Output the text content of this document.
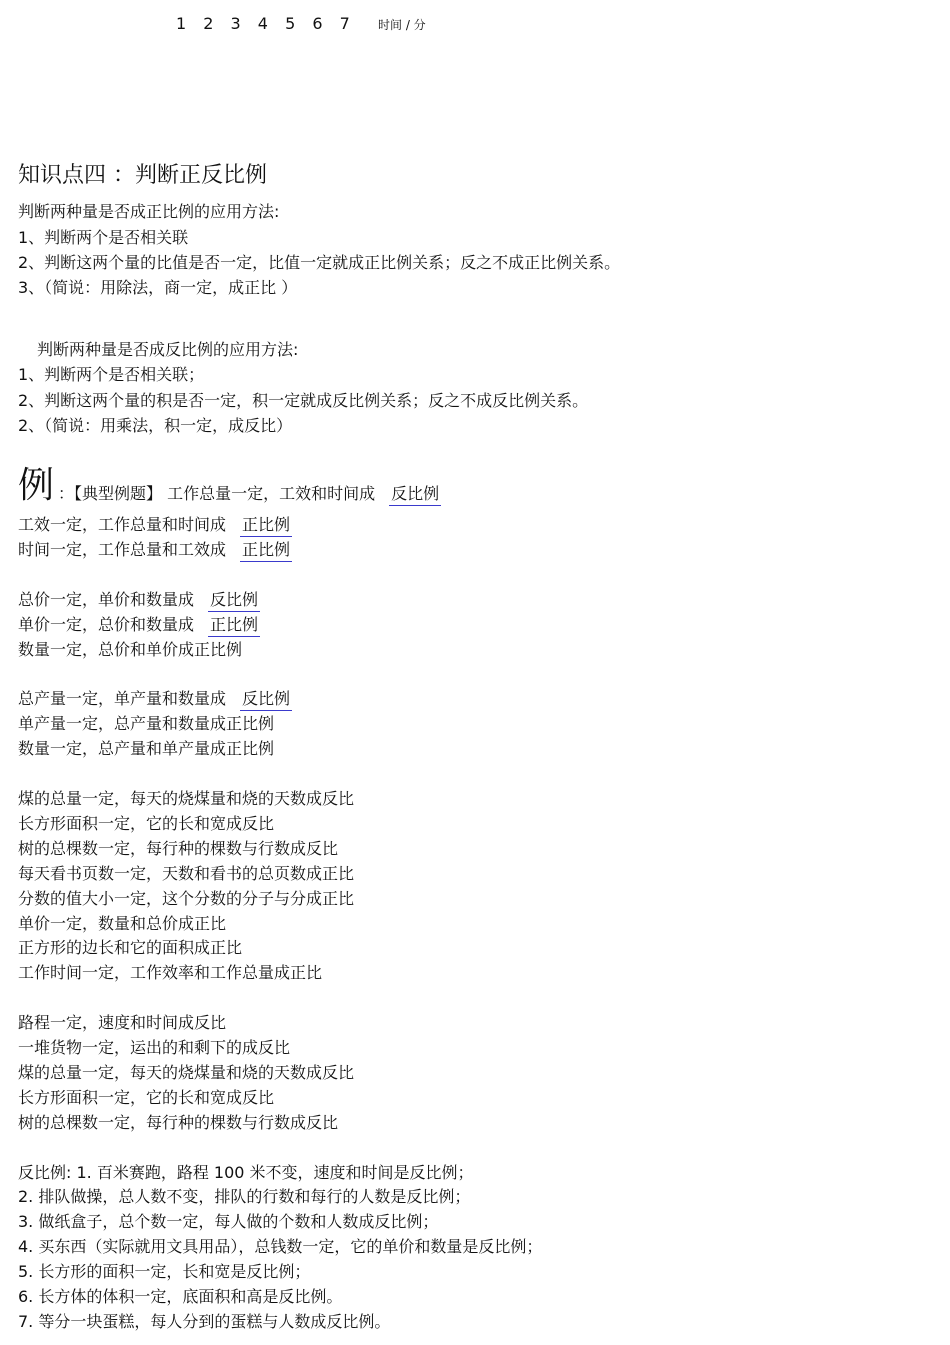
1 2 3 4 5 6 7 时间 / 分
知识点四 ：判断正反比例
判断两种量是否成正比例的应用方法:
1、判断两个是否相关联
2、判断这两个量的比值是否一定，比值一定就成正比例关系；反之不成正比例关系。
3、（简说：用除法，商一定，成正比 ）
判断两种量是否成反比例的应用方法:
1、判断两个是否相关联；
2、判断这两个量的积是否一定，积一定就成反比例关系；反之不成反比例关系。
2、（简说：用乘法，积一定，成反比）
例 ：【典型例题】 工作总量一定，工效和时间成 反比例
工效一定，工作总量和时间成 正比例
时间一定，工作总量和工效成 正比例
总价一定，单价和数量成 反比例
单价一定，总价和数量成 正比例
数量一定，总价和单价成正比例
总产量一定，单产量和数量成 反比例
单产量一定，总产量和数量成正比例
数量一定，总产量和单产量成正比例
煤的总量一定，每天的烧煤量和烧的天数成反比
长方形面积一定，它的长和宽成反比
树的总棵数一定，每行种的棵数与行数成反比
每天看书页数一定，天数和看书的总页数成正比
分数的值大小一定，这个分数的分子与分成正比
单价一定，数量和总价成正比
正方形的边长和它的面积成正比
工作时间一定，工作效率和工作总量成正比
路程一定，速度和时间成反比
一堆货物一定，运出的和剩下的成反比
煤的总量一定，每天的烧煤量和烧的天数成反比
长方形面积一定，它的长和宽成反比
树的总棵数一定，每行种的棵数与行数成反比
反比例: 1. 百米赛跑，路程 100 米不变，速度和时间是反比例；
2. 排队做操，总人数不变，排队的行数和每行的人数是反比例；
3. 做纸盒子，总个数一定，每人做的个数和人数成反比例；
4. 买东西（实际就用文具用品），总钱数一定，它的单价和数量是反比例；
5. 长方形的面积一定，长和宽是反比例；
6. 长方体的体积一定，底面积和高是反比例。
7. 等分一块蛋糕，每人分到的蛋糕与人数成反比例。
